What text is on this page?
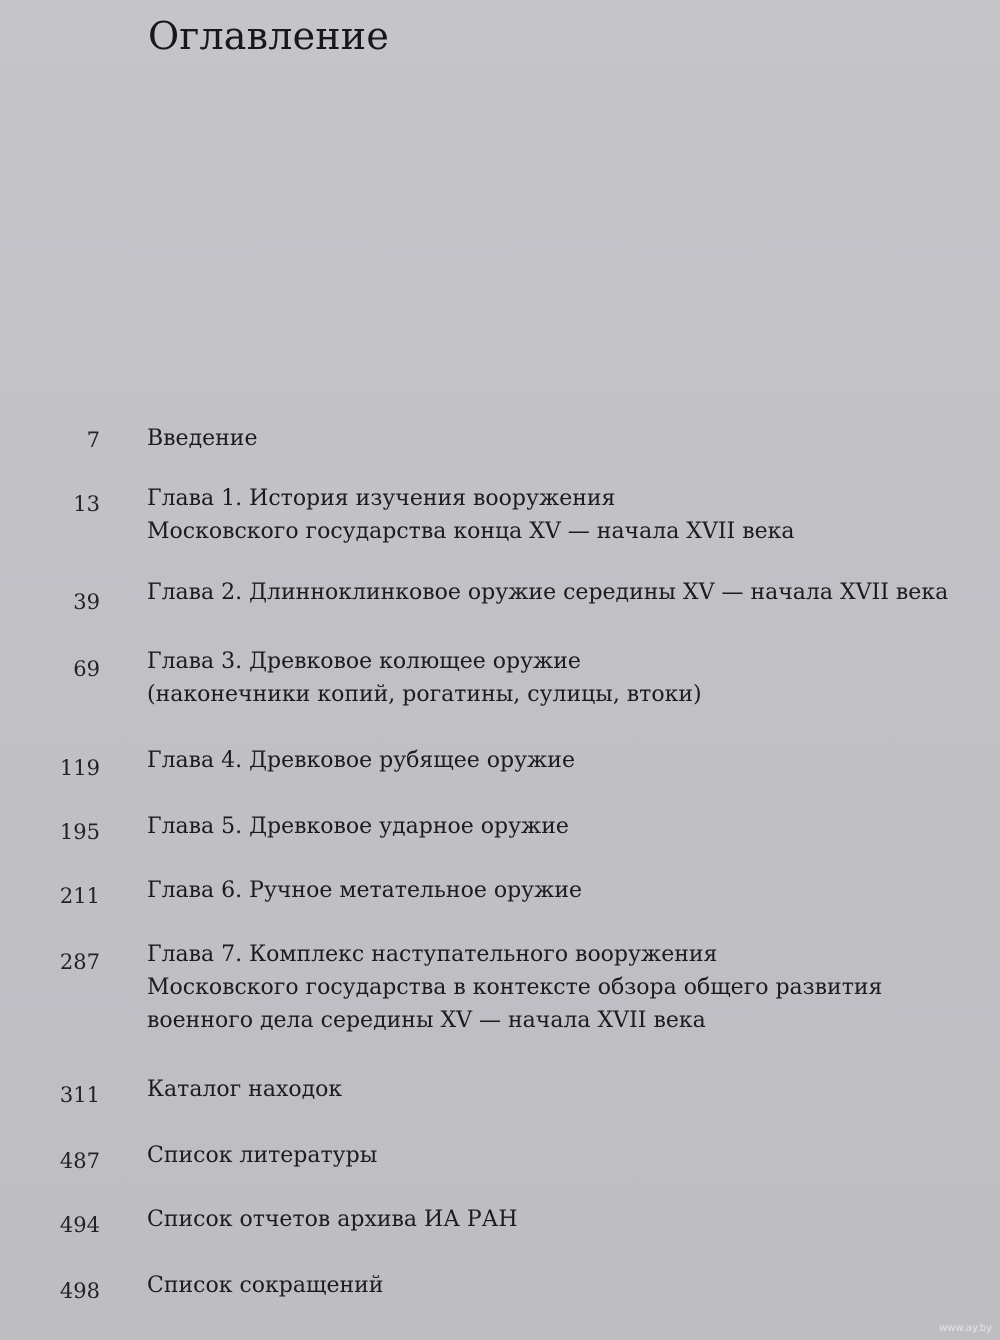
Оглавление
7 Введение
13 Глава 1. История изучения вооружения
Московского государства конца XV — начала XVII века
39 Глава 2. Длинноклинковое оружие середины XV — начала XVII века
69 Глава 3. Древковое колющее оружие
(наконечники копий, рогатины, сулицы, втоки)
119 Глава 4. Древковое рубящее оружие
195 Глава 5. Древковое ударное оружие
211 Глава 6. Ручное метательное оружие
287 Глава 7. Комплекс наступательного вооружения
Московского государства в контексте обзора общего развития
военного дела середины XV — начала XVII века
311 Каталог находок
487 Список литературы
494 Список отчетов архива ИА РАН
498 Список сокращений
www.ay.by
